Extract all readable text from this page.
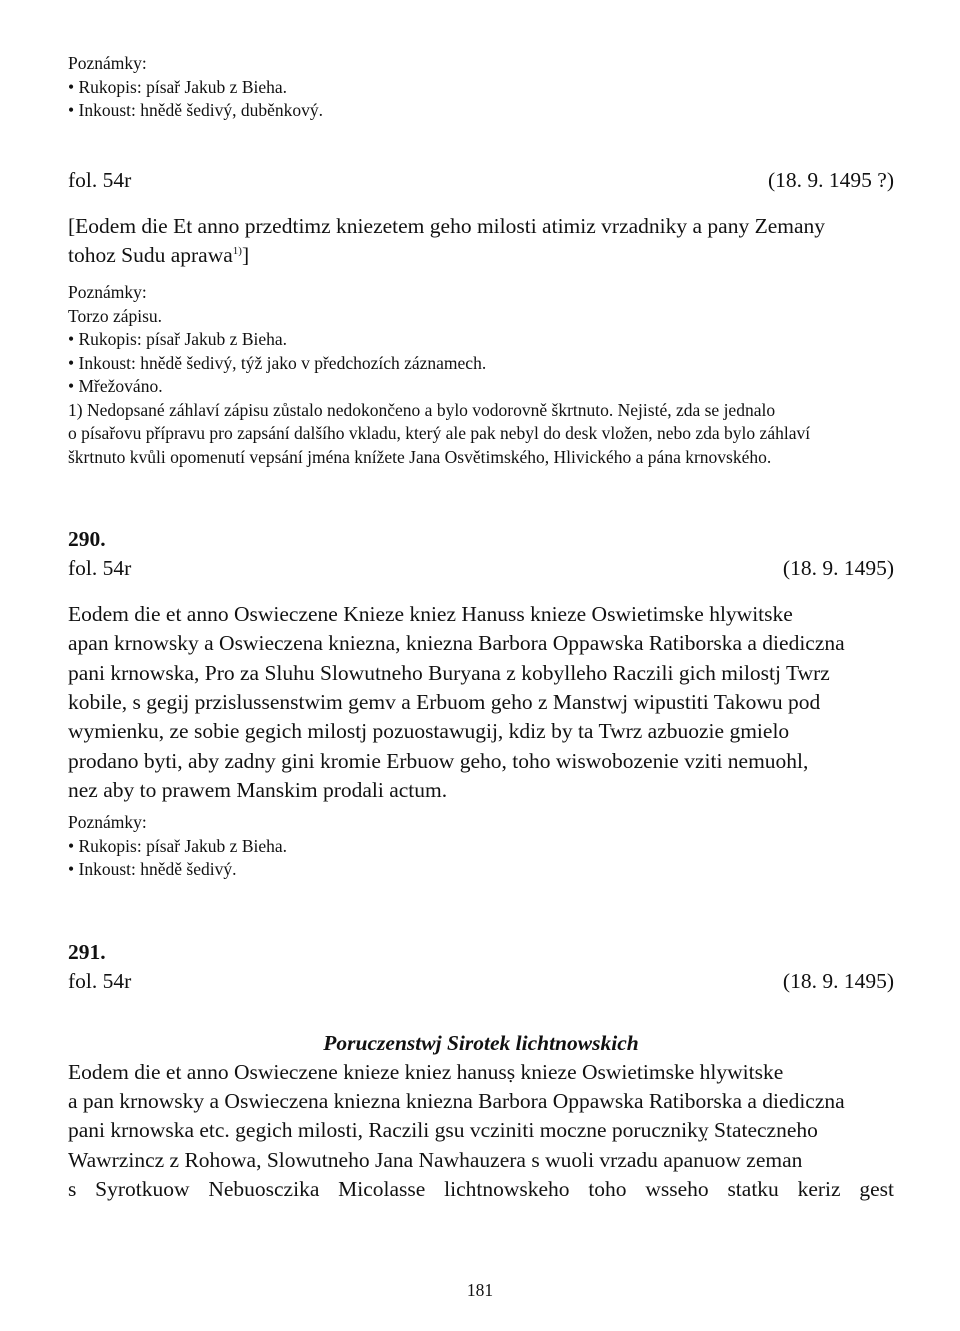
Poznámky:

• Rukopis: písař Jakub z Bieha.

• Inkoust: hnědě šedivý, duběnkový.

fol. 54r	(18. 9. 1495 ?)

[Eodem die Et anno przedtimz kniezetem geho milosti atimiz vrzadniky a pany Zemany

tohoz Sudu aprawa$^{1)}$]

Poznámky:

Torzo zápisu.

• Rukopis: písař Jakub z Bieha.

• Inkoust: hnědě šedivý, týž jako v předchozích záznamech.

• Mřežováno.

1) Nedopsané záhlaví zápisu zůstalo nedokončeno a bylo vodorovně škrtnuto. Nejisté, zda se jednalo

o písařovu přípravu pro zapsání dalšího vkladu, který ale pak nebyl do desk vložen, nebo zda bylo záhlaví

škrtnuto kvůli opomenutí vepsání jména knížete Jana Osvětimského, Hlivického a pána krnovského.

290.

fol. 54r	(18. 9. 1495)

Eodem die et anno Oswieczene Knieze kniez Hanuss knieze Oswietimske hlywitske

apan krnowsky a Oswieczena kniezna, kniezna Barbora Oppawska Ratiborska a diediczna

pani krnowska, Pro za Sluhu Slowutneho Buryana z kobylleho Raczili gich milostj Twrz

kobile, s gegij przislussenstwim gemv a Erbuom geho z Manstwj wipustiti Takowu pod

wymienku, ze sobie gegich milostj pozuostawugij, kdiz by ta Twrz azbuozie gmielo

prodano byti, aby zadny gini kromie Erbuow geho, toho wiswobozenie vziti nemuohl,

nez aby to prawem Manskim prodali actum.

Poznámky:

• Rukopis: písař Jakub z Bieha.

• Inkoust: hnědě šedivý.

291.

fol. 54r	(18. 9. 1495)

Poruczenstwj Sirotek lichtnowskich

Eodem die et anno Oswieczene knieze kniez hanusṣ knieze Oswietimske hlywitske

a pan krnowsky a Oswieczena kniezna kniezna Barbora Oppawska Ratiborska a diediczna

pani krnowska etc. gegich milosti, Raczili gsu vcziniti moczne porucznikỵ Stateczneho

Wawrzincz z Rohowa, Slowutneho Jana Nawhauzera s wuoli vrzadu apanuow zeman

s Syrotkuow Nebuosczika Micolasse lichtnowskeho toho wsseho statku keriz gest

181
